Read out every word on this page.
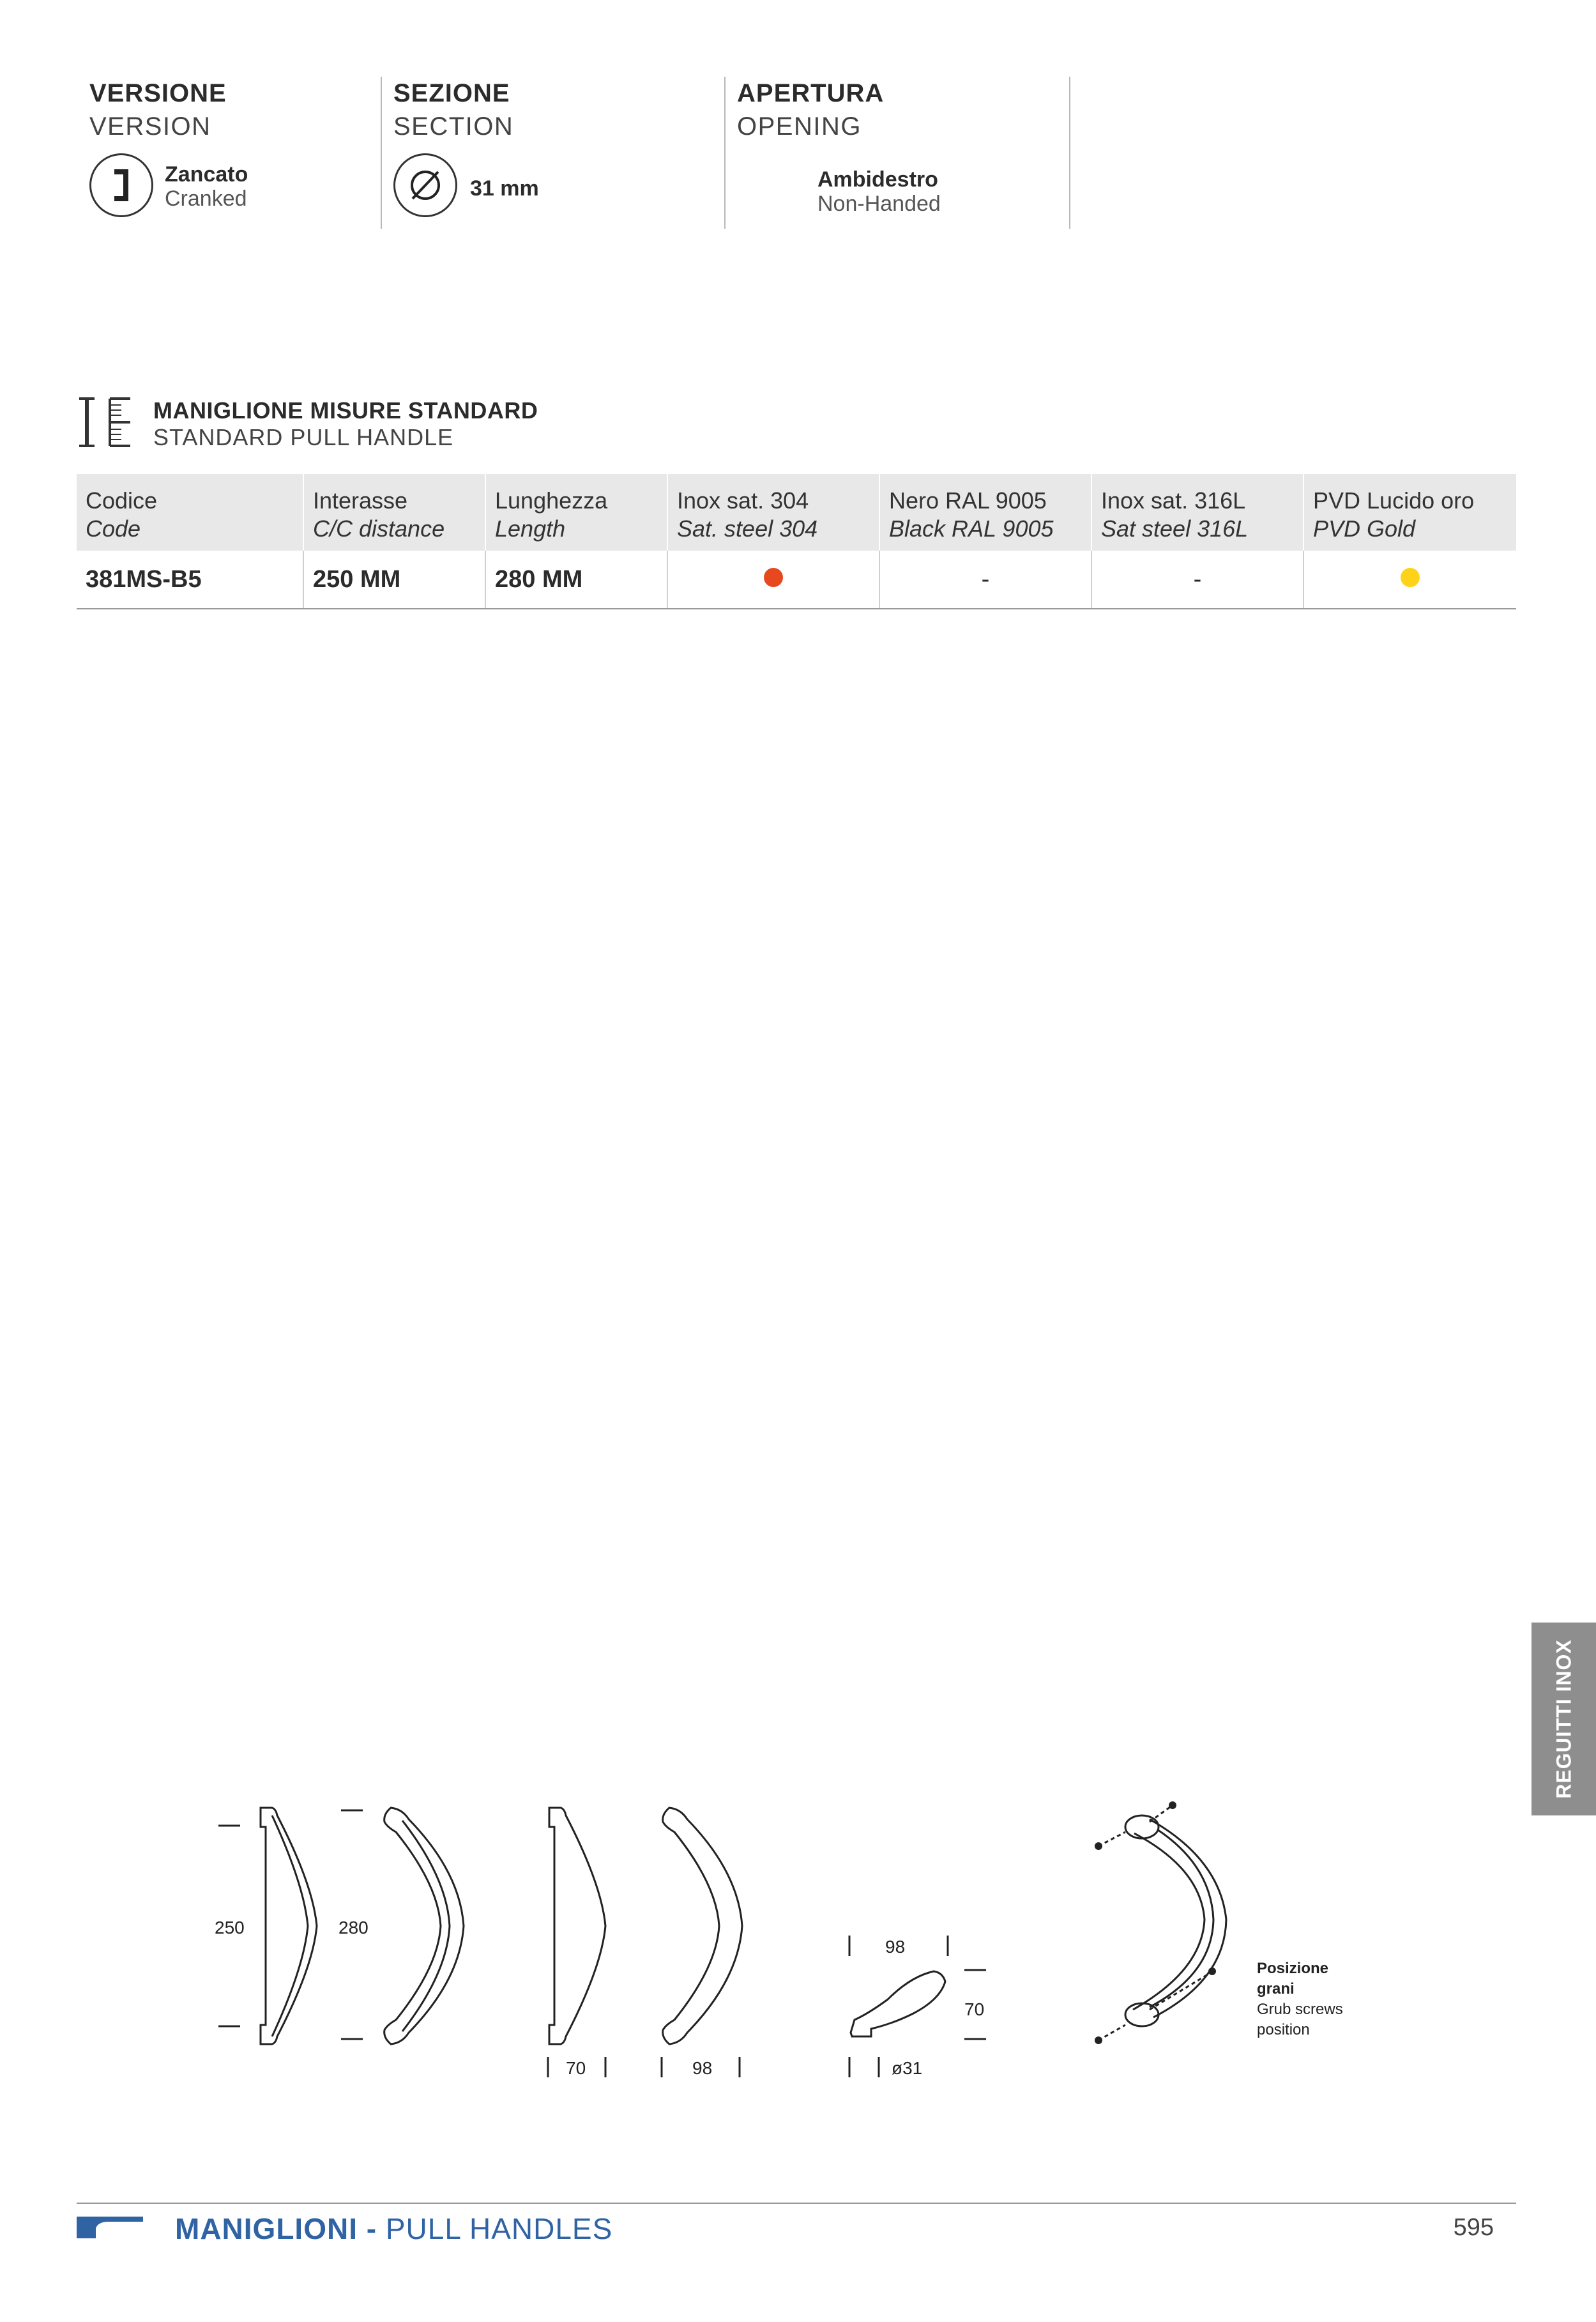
VERSIONE
VERSION
Zancato
Cranked
SEZIONE
SECTION
31 mm
APERTURA
OPENING
Ambidestro
Non-Handed
MANIGLIONE MISURE STANDARD
STANDARD PULL HANDLE
Codice
Code	Interasse
C/C distance	Lunghezza
Length	Inox sat. 304
Sat. steel 304	Nero RAL 9005
Black RAL 9005	Inox sat. 316L
Sat steel 316L	PVD Lucido oro
PVD Gold

381MS-B5	250 MM	280 MM		-	-	
250	280
70	98
98
70
ø31
Posizione
grani
Grub screws
position
REGUITTI INOX
MANIGLIONI - PULL HANDLES	595
